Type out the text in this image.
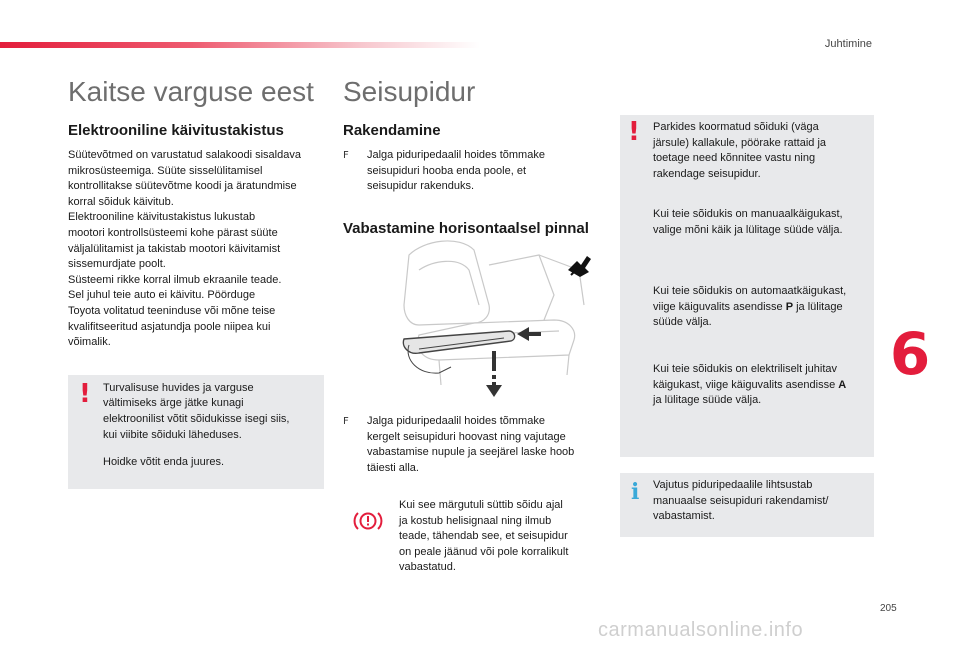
Juhtimine
6
205
carmanualsonline.info
Kaitse varguse eest
Elektrooniline käivitustakistus

Süütevõtmed on varustatud salakoodi sisaldava
mikrosüsteemiga. Süüte sisselülitamisel
kontrollitakse süütevõtme koodi ja äratundmise
korral sõiduk käivitub.
Elektrooniline käivitustakistus lukustab
mootori kontrollsüsteemi kohe pärast süüte
väljalülitamist ja takistab mootori käivitamist
sissemurdjate poolt.
Süsteemi rikke korral ilmub ekraanile teade.
Sel juhul teie auto ei käivitu. Pöörduge
Toyota volitatud teeninduse või mõne teise
kvalifitseeritud asjatundja poole niipea kui
võimalik.

! Turvalisuse huvides ja varguse
vältimiseks ärge jätke kunagi
elektroonilist võtit sõidukisse isegi siis,
kui viibite sõiduki läheduses.

Hoidke võtit enda juures.

Seisupidur
Rakendamine
F Jalga piduripedaalil hoides tõmmake
seisupiduri hooba enda poole, et
seisupidur rakenduks.

Vabastamine horisontaalsel pinnal
F Jalga piduripedaalil hoides tõmmake
kergelt seisupiduri hoovast ning vajutage
vabastamise nupule ja seejärel laske hoob
täiesti alla.

Kui see märgutuli süttib sõidu ajal
ja kostub helisignaal ning ilmub
teade, tähendab see, et seisupidur
on peale jäänud või pole korralikult
vabastatud.

! Parkides koormatud sõiduki (väga
järsule) kallakule, pöörake rattaid ja
toetage need kõnnitee vastu ning
rakendage seisupidur.

Kui teie sõidukis on manuaalkäigukast,
valige mõni käik ja lülitage süüde välja.

Kui teie sõidukis on automaatkäigukast,
viige käiguvalits asendisse P ja lülitage
süüde välja.

Kui teie sõidukis on elektriliselt juhitav
käigukast, viige käiguvalits asendisse A
ja lülitage süüde välja.

i Vajutus piduripedaalile lihtsustab
manuaalse seisupiduri rakendamist/
vabastamist.
